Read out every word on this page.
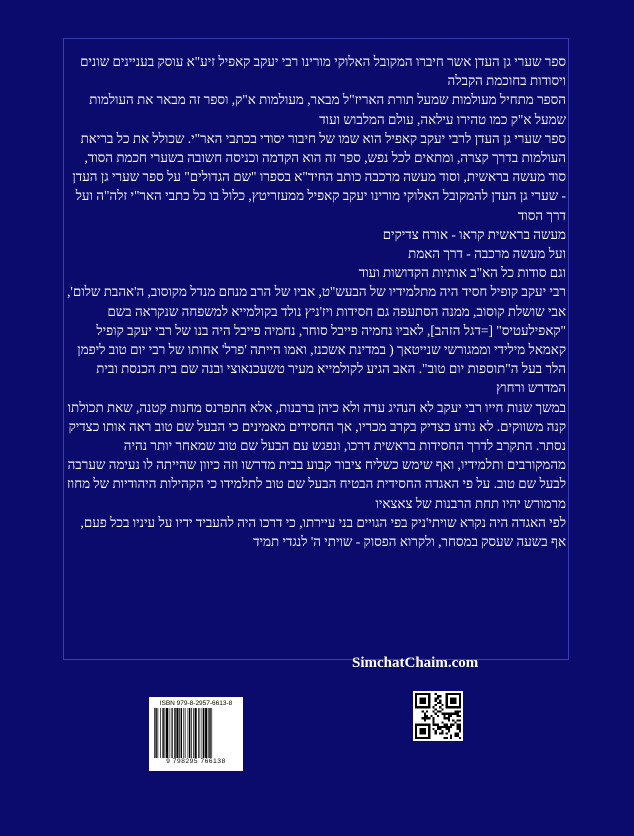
ספר שערי גן העדן אשר חיברו המקובל האלוקי מורינו רבי יעקב קאפיל זיע"א עוסק בעניינים שונים ויסודות בחוכמת הקבלה

הספר מתחיל מעולמות שמעל תורת האריז"ל מבאר, מעולמות א"ק, וספר זה מבאר את העולמות שמעל א"ק כמו טהירו עילאה, עולם המלבוש ועוד

ספר שערי גן העדן לרבי יעקב קאפיל הוא שמו של חיבור יסודי בכתבי האר"י. שכולל את כל בריאת העולמות בדרך קצרה, ומתאים לכל נפש, ספר זה הוא הקדמה וכניסה חשובה בשערי חכמת הסוד, סוד מעשה בראשית, וסוד מעשה מרכבה כותב החיד"א בספרו "שם הגדולים" על ספר שערי גן העדן - שערי גן העדן להמקובל האלוקי מורינו יעקב קאפיל ממעזריטץ, כלול בו כל כתבי האר"י זלה"ה ועל דרך הסוד

מעשה בראשית קראו - אורח צדיקים

ועל מעשה מרכבה - דרך האמת

וגם סודות כל הא"ב אותיות הקדושות ועוד

רבי יעקב קופיל חסיד היה מתלמידיו של הבעש"ט, אביו של הרב מנחם מנדל מקוסוב, ה'אהבת שלום', אבי שושלת קוסוב, ממנה הסתעפה גם חסידות ויז'ניץ נולד בקולמייא למשפחה שנקראה בשם "קאפילעטיס" [=דגל הזהב], לאביו נחמיה פייבל סוחר, נחמיה פייבל היה בנו של רבי יעקב קופיל קאמאל מילידי וממגורשי שנייטאך ( במדינת אשכנז, ואמו הייתה 'פרל' אחותו של רבי יום טוב ליפמן הלר בעל ה"תוספות יום טוב". האב הגיע לקולמייא מעיר טשעכנאוצי ובנה שם בית הכנסת ובית המדרש ורחוץ

במשך שנות חייו רבי יעקב לא הנהיג עדה ולא כיהן ברבנות, אלא התפרנס מחנות קטנה, שאת תכולתו קנה משווקים. לא נודע כצדיק בקרב מכריו, אך החסידים מאמינים כי הבעל שם טוב ראה אותו כצדיק נסתר. התקרב לדרך החסידות בראשית דרכו, ונפגש עם הבעל שם טוב שמאחר יותר נהיה מהמקורבים ותלמידיו, ואף שימש כשליח ציבור קבוע בבית מדרשו וזה כיוון שהייתה לו נעימה שערבה לבעל שם טוב. על פי האגדה החסידית הבטיח הבעל שם טוב לתלמידו כי הקהילות היהודיות של מחוז מרמורש יהיו תחת הרבנות של צאצאיו

לפי האגדה היה נקרא שויתי'ניק בפי הגויים בני עיירתו, כי דרכו היה להעביד ידיו על עיניו בכל פעם, אף בשעה שעסק במסחר, ולקרוא הפסוק - שויתי ה' לנגדי תמיד

SimchatChaim.com
ISBN 979-8-2957-6613-8
9 798295 766138
